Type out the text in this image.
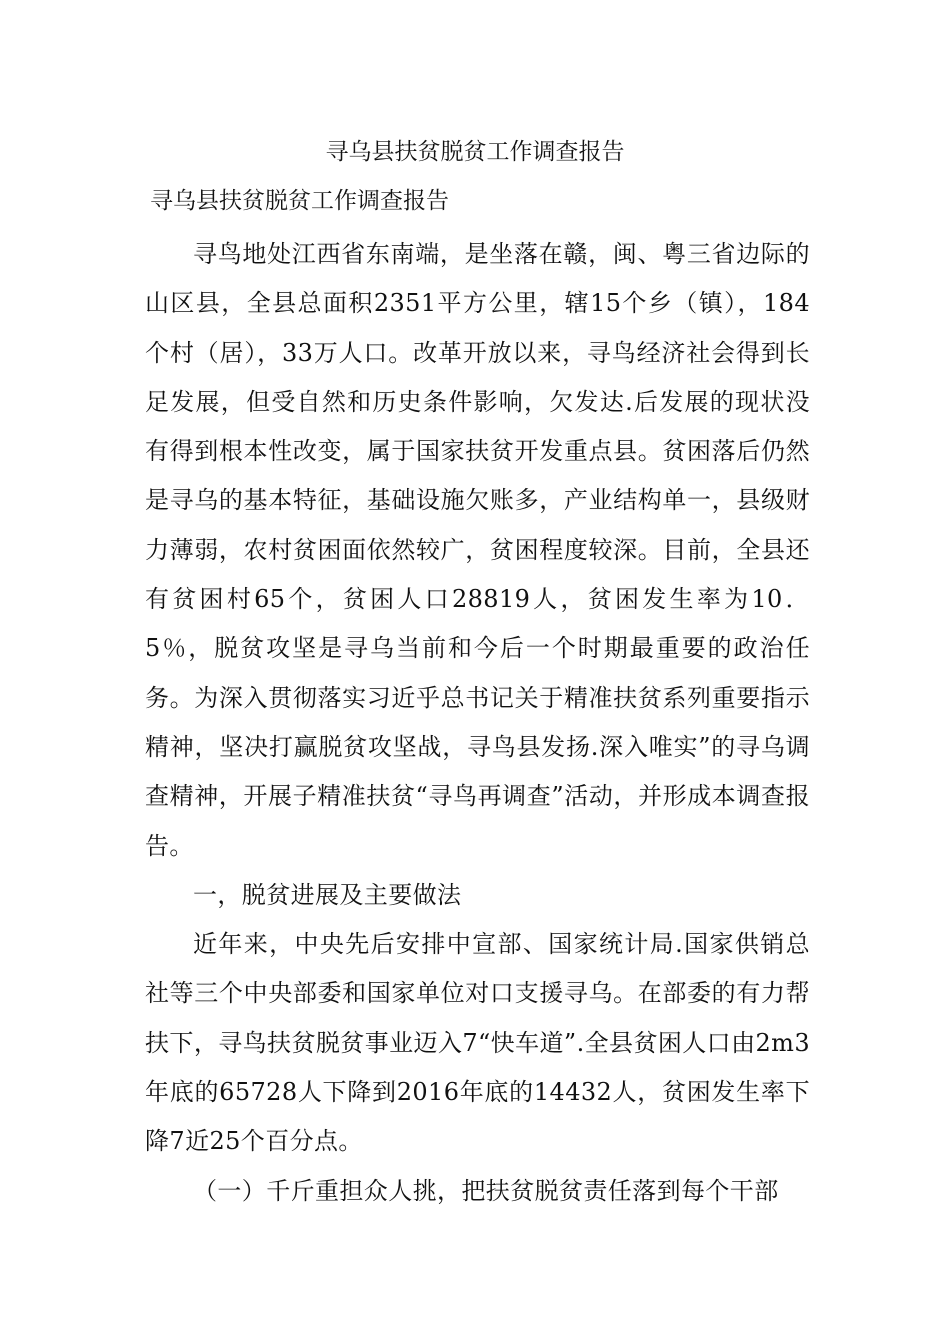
寻乌县扶贫脱贫工作调查报告
寻乌县扶贫脱贫工作调查报告

寻鸟地处江西省东南端，是坐落在赣，闽、粤三省边际的山区县，全县总面积2351平方公里，辖15个乡（镇），184个村（居），33万人口。改革开放以来，寻鸟经济社会得到长足发展，但受自然和历史条件影响，欠发达.后发展的现状没有得到根本性改变，属于国家扶贫开发重点县。贫困落后仍然是寻乌的基本特征，基础设施欠账多，产业结构单一，县级财力薄弱，农村贫困面依然较广，贫困程度较深。目前，全县还有贫困村65个，贫困人口28819人，贫困发生率为10．5％，脱贫攻坚是寻乌当前和今后一个时期最重要的政治任务。为深入贯彻落实习近乎总书记关于精准扶贫系列重要指示精神，坚决打赢脱贫攻坚战，寻鸟县发扬.深入唯实”的寻乌调查精神，开展子精准扶贫“寻鸟再调查”活动，并形成本调查报告。

一，脱贫进展及主要做法

近年来，中央先后安排中宣部、国家统计局.国家供销总社等三个中央部委和国家单位对口支援寻乌。在部委的有力帮扶下，寻鸟扶贫脱贫事业迈入7“快车道”.全县贫困人口由2m3年底的65728人下降到2016年底的14432人，贫困发生率下降7近25个百分点。

（一）千斤重担众人挑，把扶贫脱贫责任落到每个干部
